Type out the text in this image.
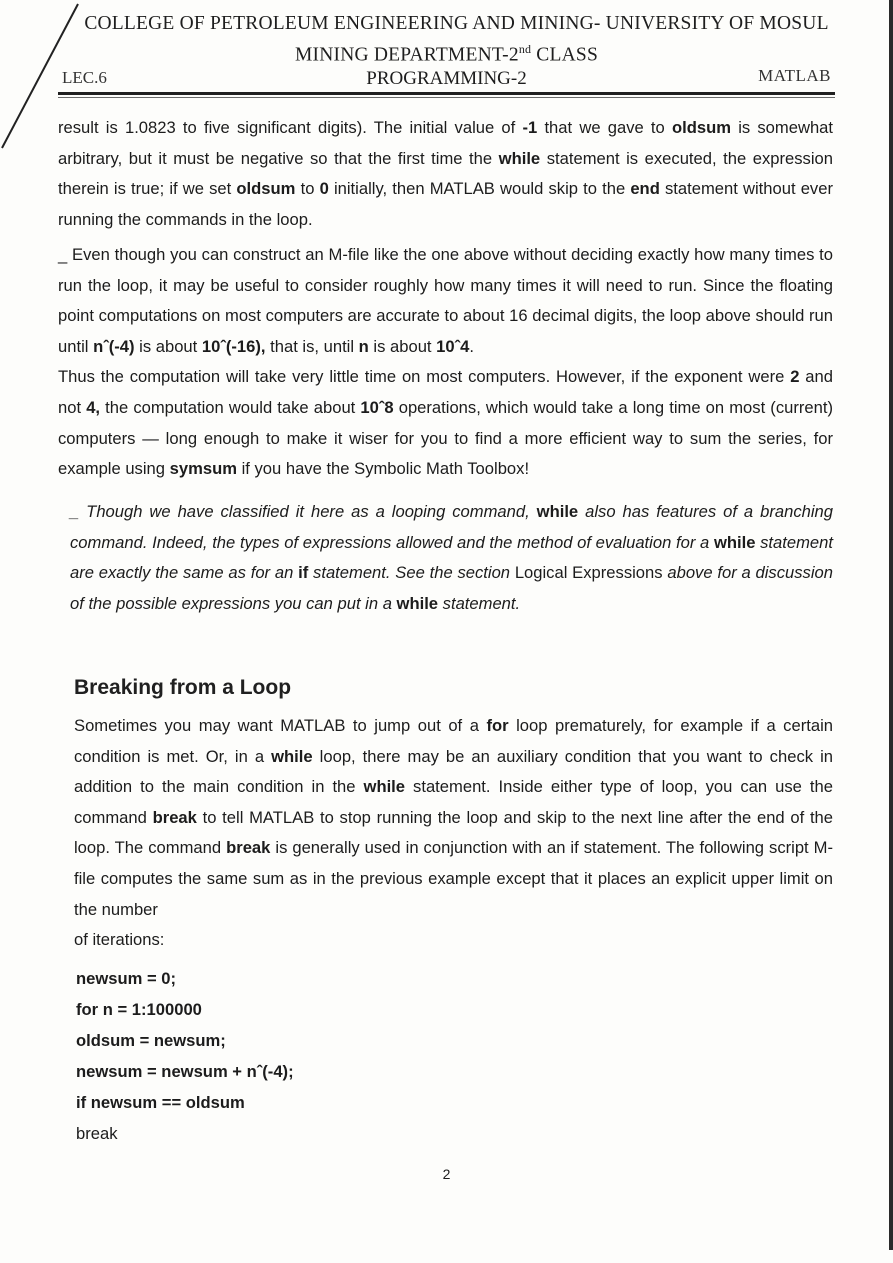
COLLEGE OF PETROLEUM ENGINEERING AND MINING- UNIVERSITY OF MOSUL
MINING DEPARTMENT-2nd CLASS
LEC.6	PROGRAMMING-2	MATLAB
result is 1.0823 to five significant digits). The initial value of -1 that we gave to oldsum is somewhat arbitrary, but it must be negative so that the first time the while statement is executed, the expression therein is true; if we set oldsum to 0 initially, then MATLAB would skip to the end statement without ever running the commands in the loop.
_ Even though you can construct an M-file like the one above without deciding exactly how many times to run the loop, it may be useful to consider roughly how many times it will need to run. Since the floating point computations on most computers are accurate to about 16 decimal digits, the loop above should run until nˆ(-4) is about 10ˆ(-16), that is, until n is about 10ˆ4.
Thus the computation will take very little time on most computers. However, if the exponent were 2 and not 4, the computation would take about 10ˆ8 operations, which would take a long time on most (current) computers — long enough to make it wiser for you to find a more efficient way to sum the series, for example using symsum if you have the Symbolic Math Toolbox!
_ Though we have classified it here as a looping command, while also has features of a branching command. Indeed, the types of expressions allowed and the method of evaluation for a while statement are exactly the same as for an if statement. See the section Logical Expressions above for a discussion of the possible expressions you can put in a while statement.
Breaking from a Loop
Sometimes you may want MATLAB to jump out of a for loop prematurely, for example if a certain condition is met. Or, in a while loop, there may be an auxiliary condition that you want to check in addition to the main condition in the while statement. Inside either type of loop, you can use the command break to tell MATLAB to stop running the loop and skip to the next line after the end of the loop. The command break is generally used in conjunction with an if statement. The following script M-file computes the same sum as in the previous example except that it places an explicit upper limit on the number
of iterations:
newsum = 0;
for n = 1:100000
oldsum = newsum;
newsum = newsum + nˆ(-4);
if newsum == oldsum
break
2
